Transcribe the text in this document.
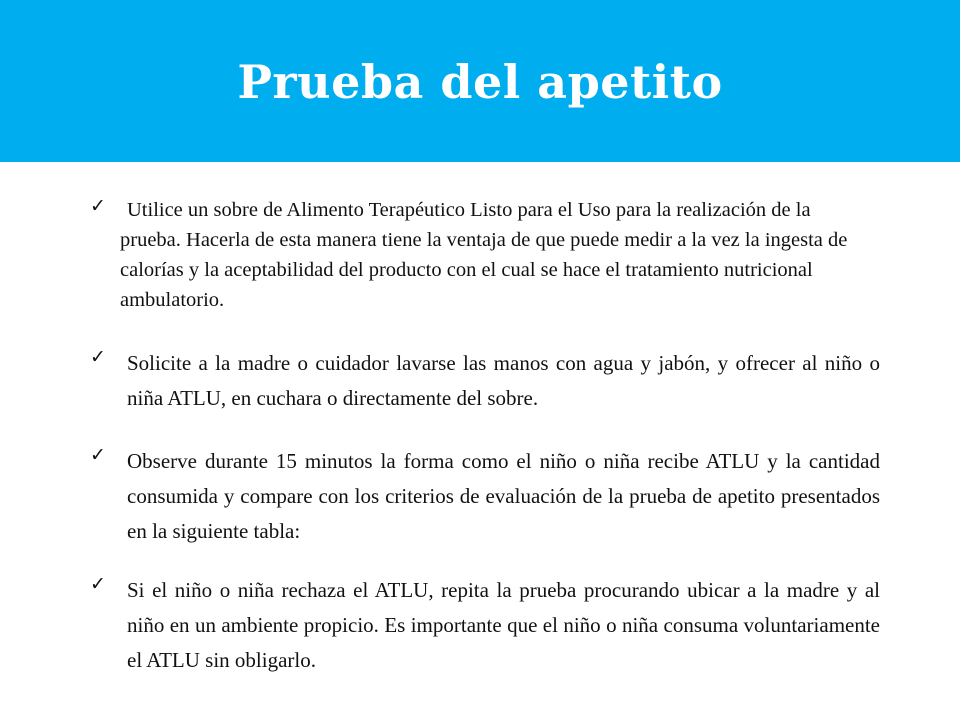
Prueba del apetito
✓	Utilice un sobre de Alimento Terapéutico Listo para el Uso para la realización de la prueba. Hacerla de esta manera tiene la ventaja de que puede medir a la vez la ingesta de calorías y la aceptabilidad del producto con el cual se hace el tratamiento nutricional ambulatorio.

✓ Solicite a la madre o cuidador lavarse las manos con agua y jabón, y ofrecer al niño o niña ATLU, en cuchara o directamente del sobre.

✓ Observe durante 15 minutos la forma como el niño o niña recibe ATLU y la cantidad consumida y compare con los criterios de evaluación de la prueba de apetito presentados en la siguiente tabla:

✓ Si el niño o niña rechaza el ATLU, repita la prueba procurando ubicar a la madre y al niño en un ambiente propicio. Es importante que el niño o niña consuma voluntariamente el ATLU sin obligarlo.
